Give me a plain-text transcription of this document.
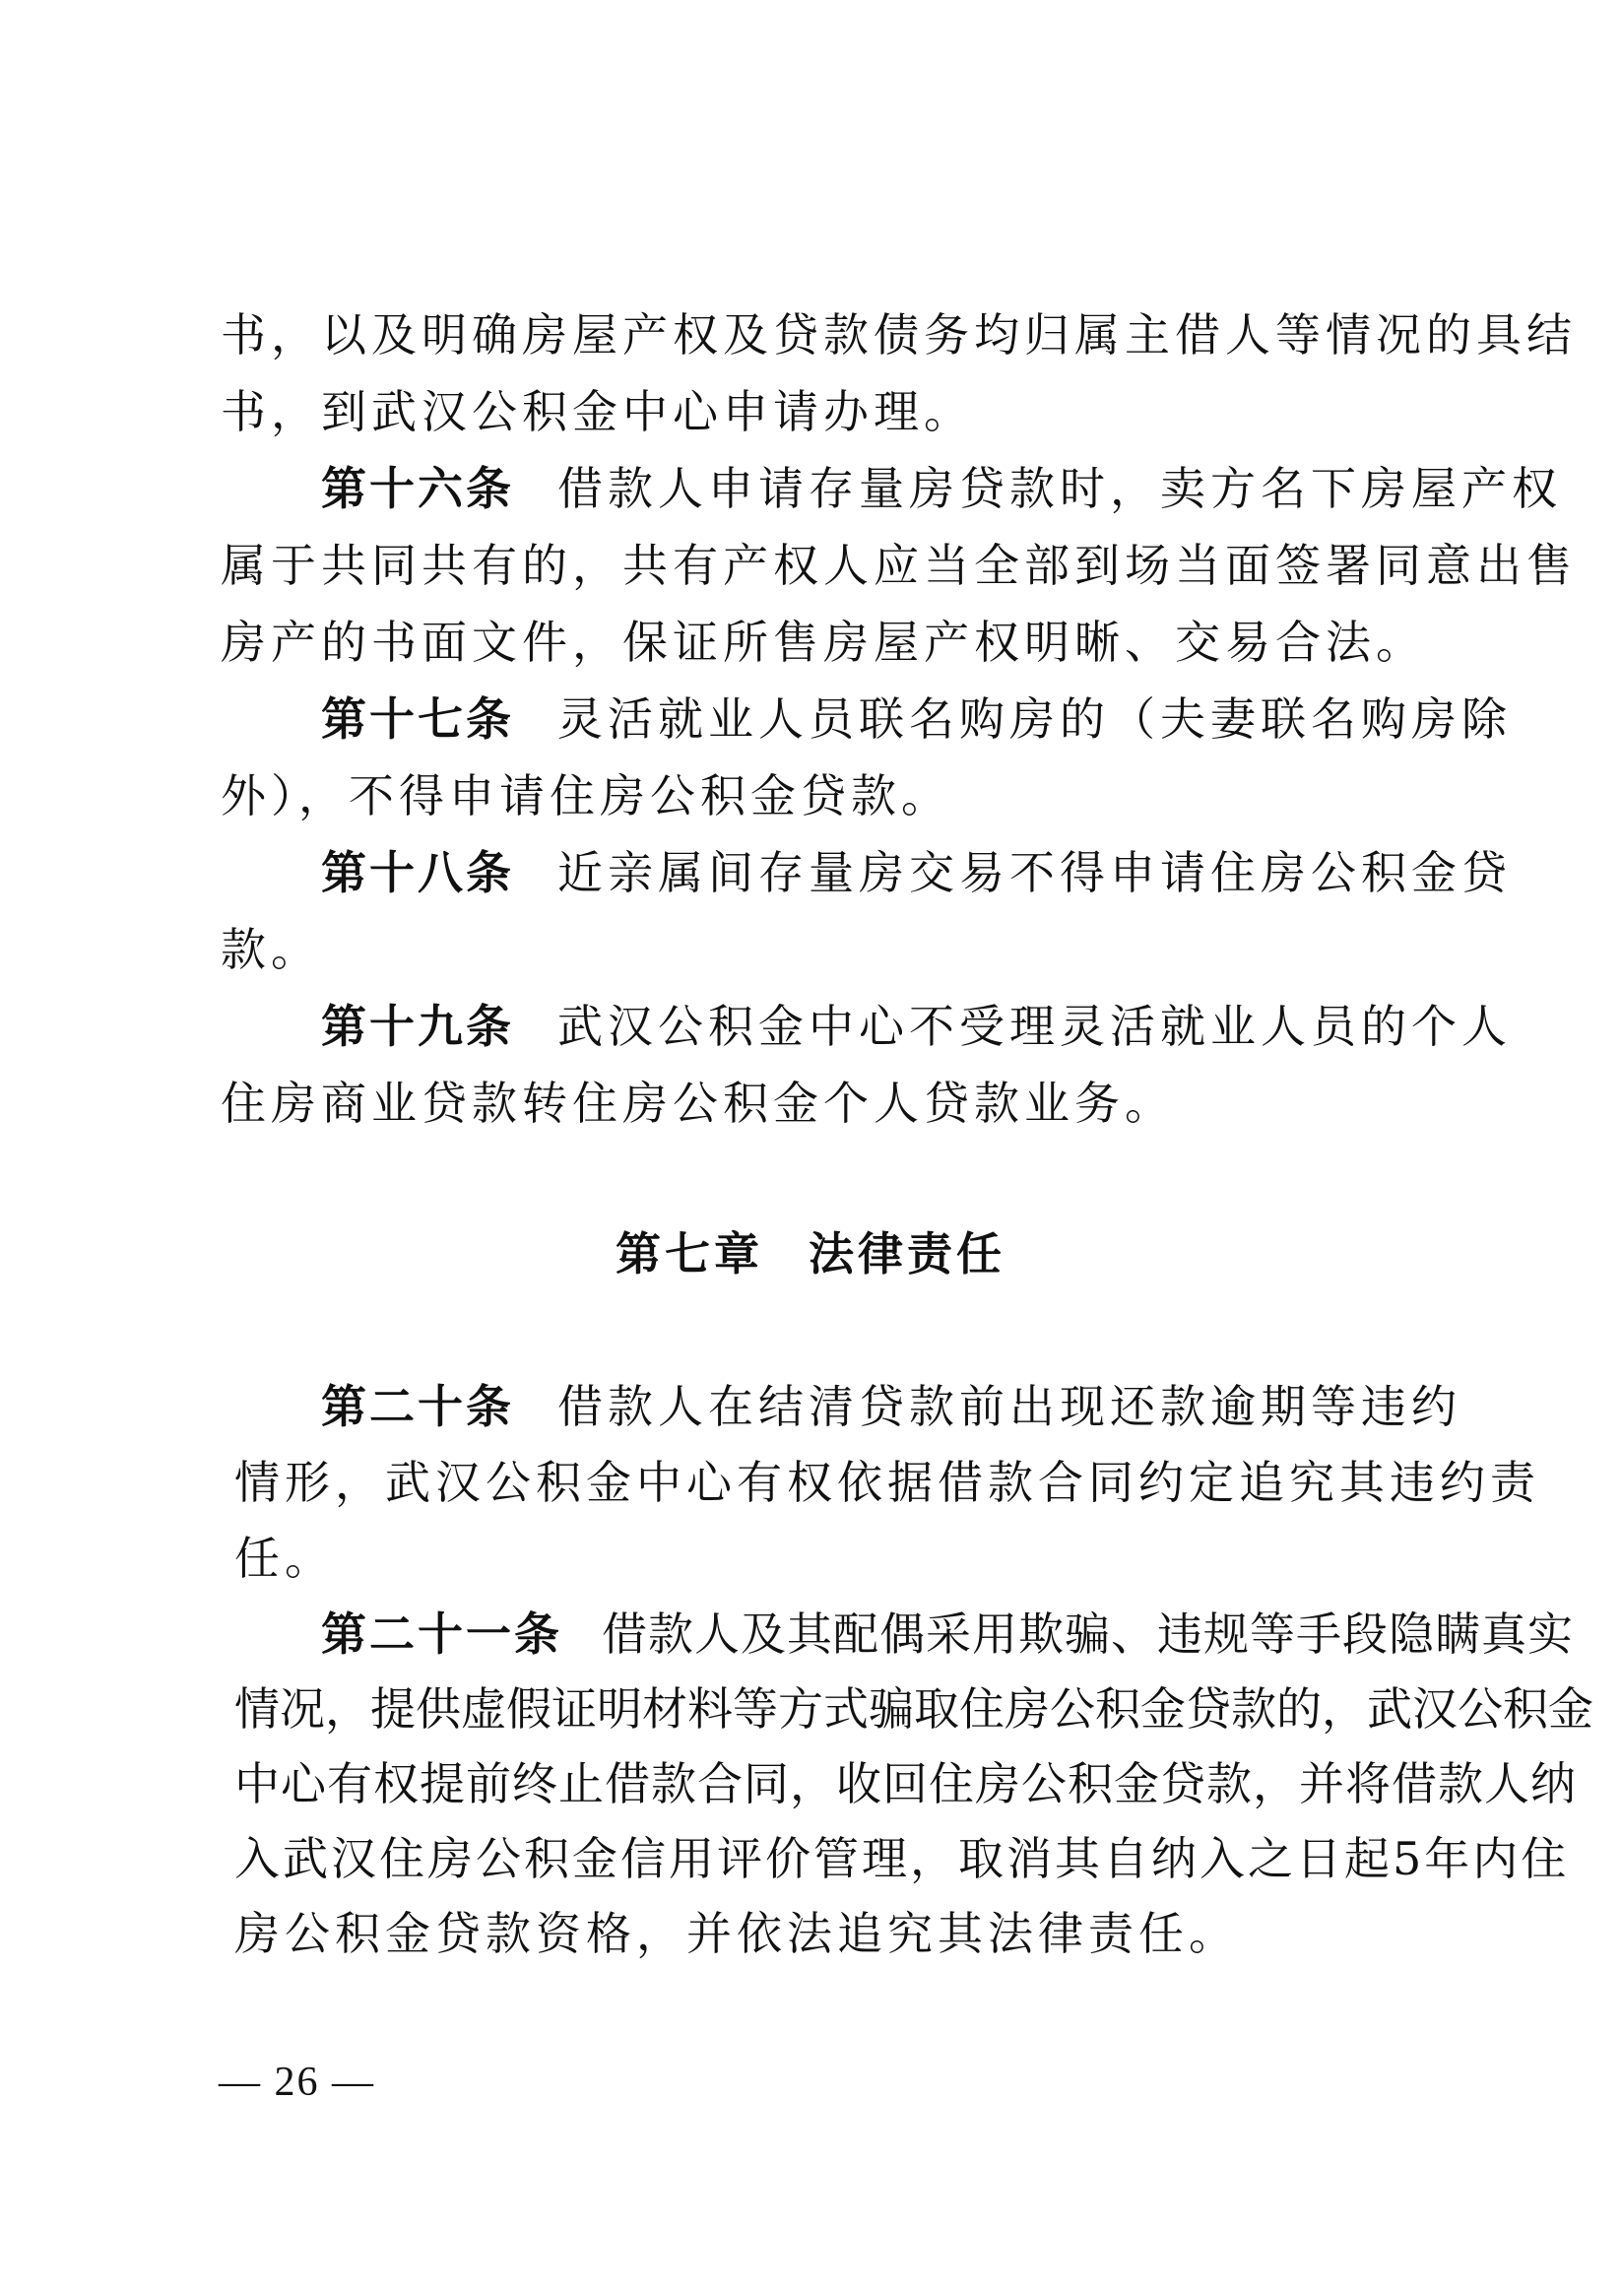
书，以及明确房屋产权及贷款债务均归属主借人等情况的具结
书，到武汉公积金中心申请办理。
第十六条 借款人申请存量房贷款时，卖方名下房屋产权
属于共同共有的，共有产权人应当全部到场当面签署同意出售
房产的书面文件，保证所售房屋产权明晰、交易合法。
第十七条 灵活就业人员联名购房的（夫妻联名购房除
外），不得申请住房公积金贷款。
第十八条 近亲属间存量房交易不得申请住房公积金贷
款。
第十九条 武汉公积金中心不受理灵活就业人员的个人
住房商业贷款转住房公积金个人贷款业务。
第七章 法律责任
第二十条 借款人在结清贷款前出现还款逾期等违约
情形，武汉公积金中心有权依据借款合同约定追究其违约责
任。
第二十一条 借款人及其配偶采用欺骗、违规等手段隐瞒真实
情况，提供虚假证明材料等方式骗取住房公积金贷款的，武汉公积金
中心有权提前终止借款合同，收回住房公积金贷款，并将借款人纳
入武汉住房公积金信用评价管理，取消其自纳入之日起5年内住
房公积金贷款资格，并依法追究其法律责任。
— 26 —
